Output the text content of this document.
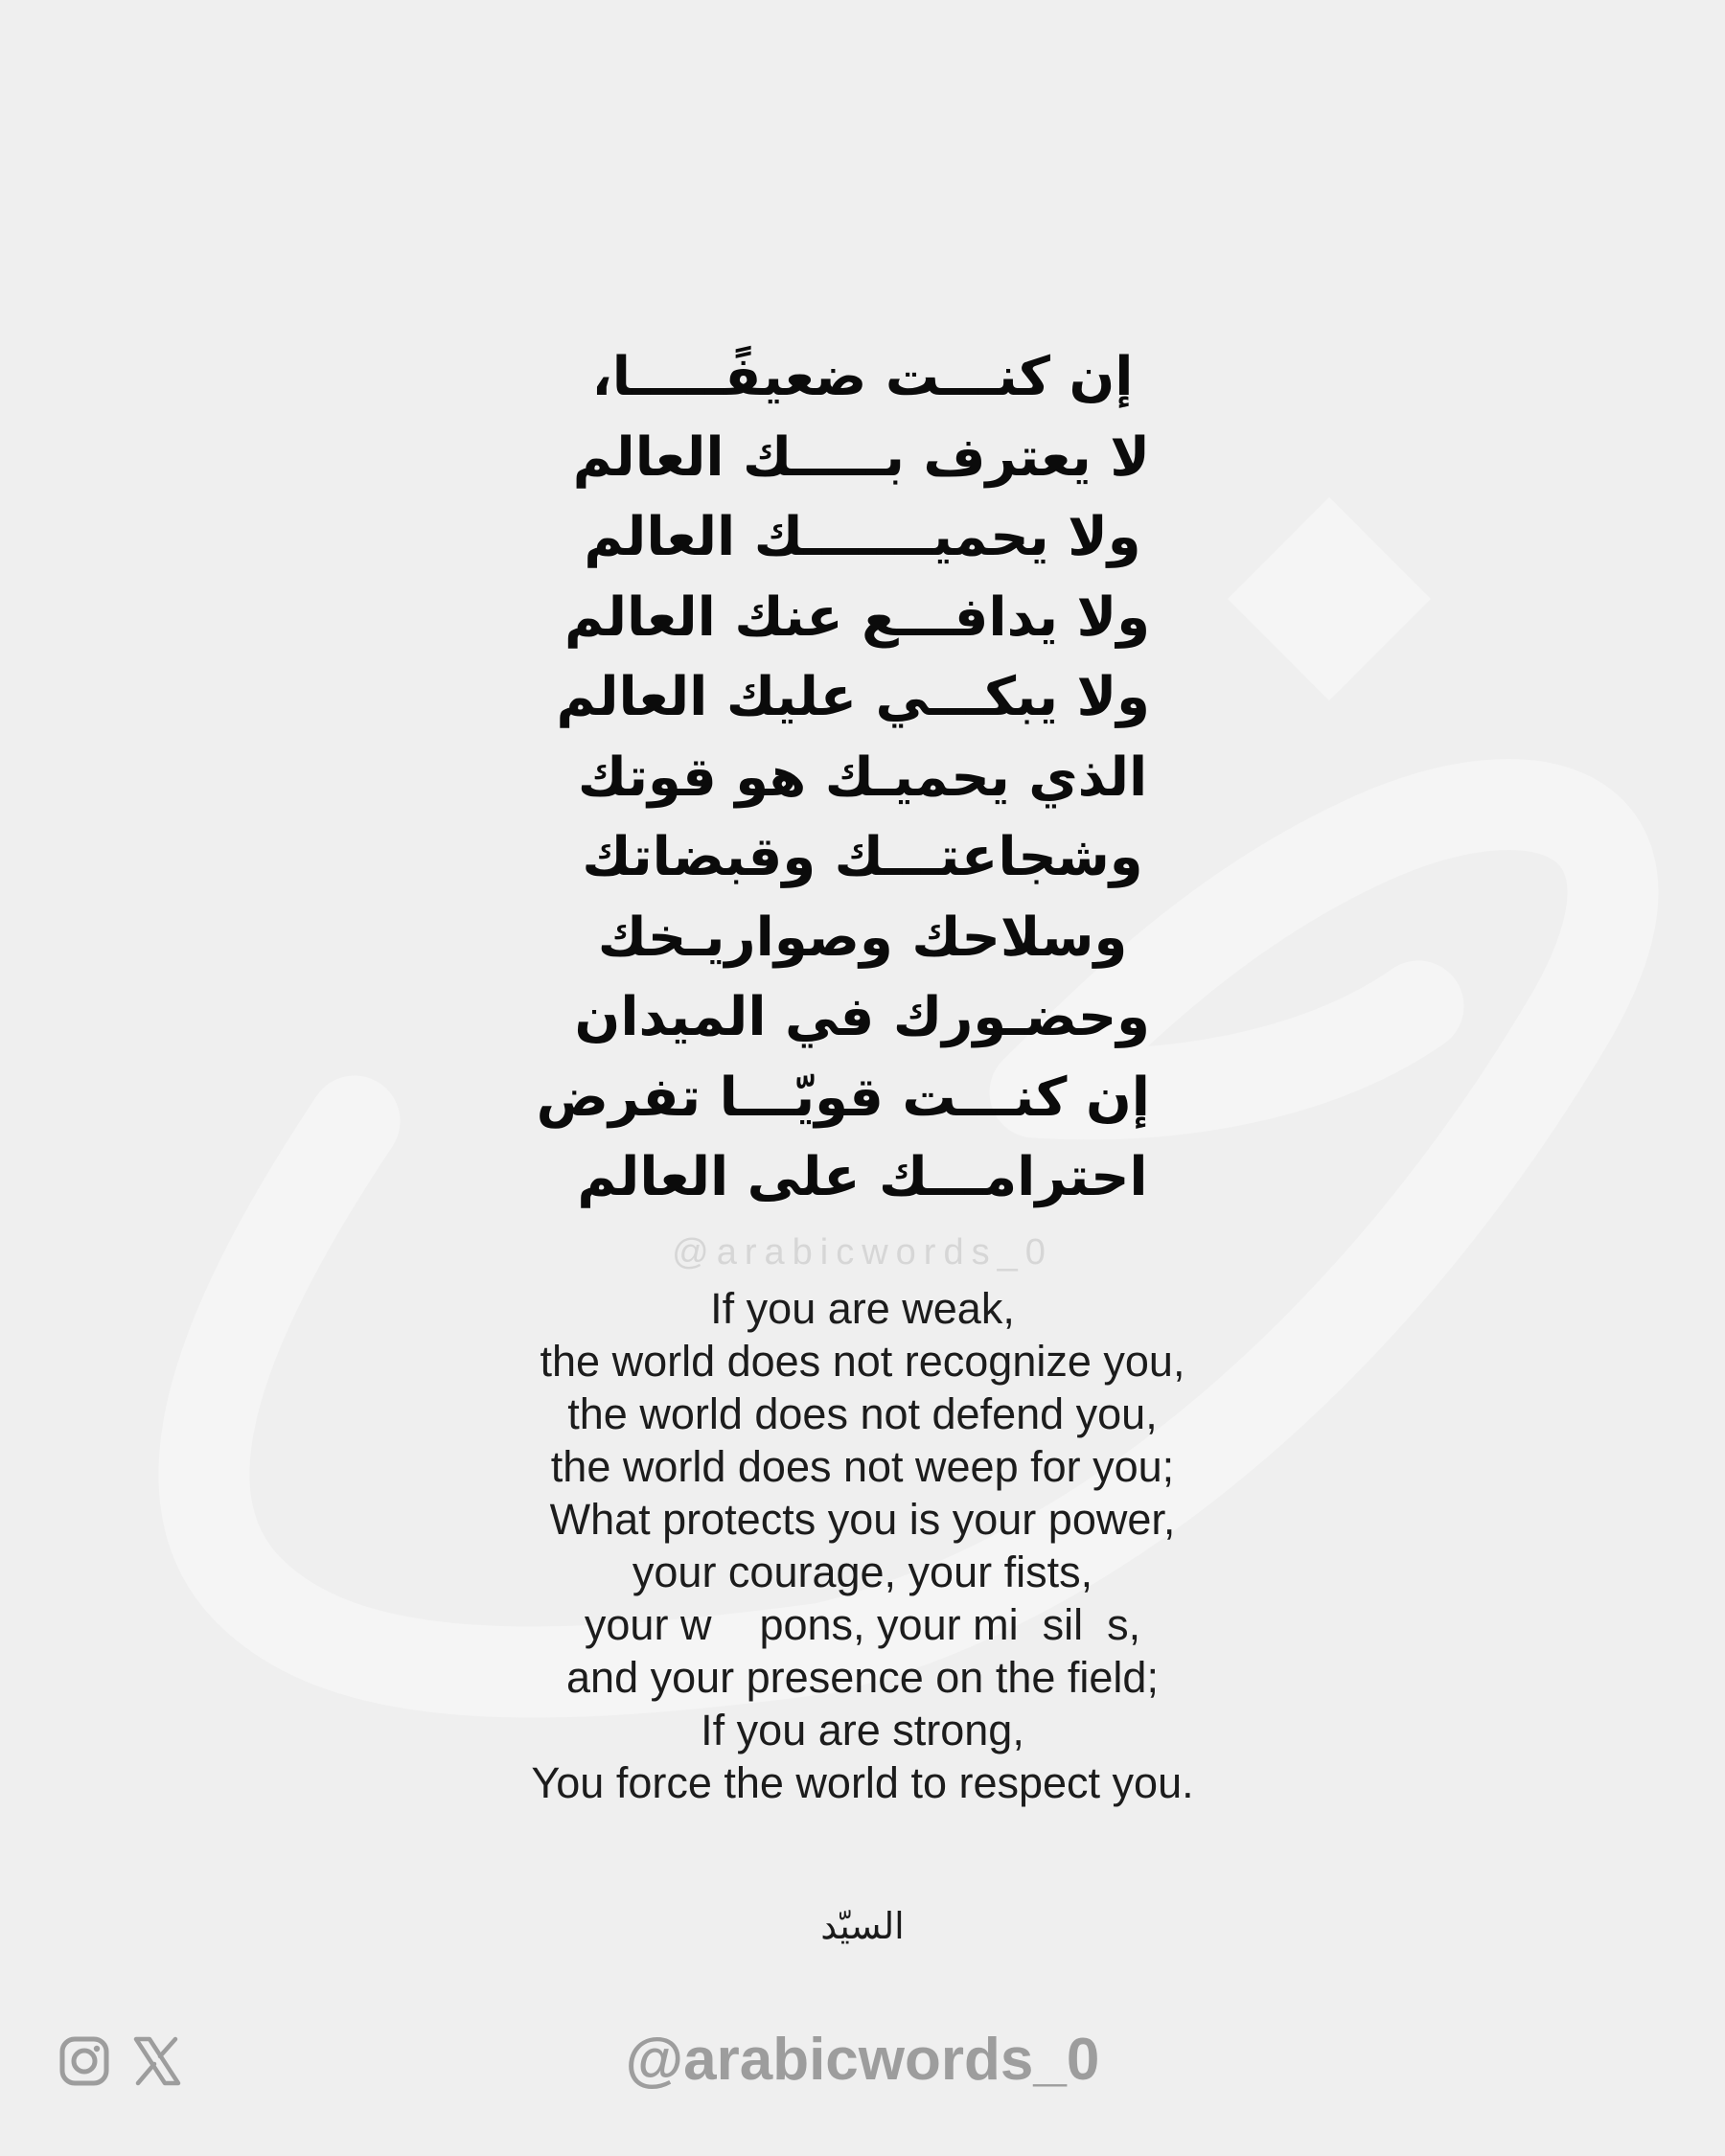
إن كنـــت ضعيفًـــــا،
لا يعترف بـــــك العالم
ولا يحميـــــــك العالم
ولا يدافـــع عنك العالم
ولا يبكـــي عليك العالم
الذي يحميـك هو قوتك
وشجاعتـــك وقبضاتك
وسلاحك وصواريـخك
وحضـورك في الميدان
إن كنـــت قويّـــا تفرض
احترامـــك على العالم
@arabicwords_0
If you are weak,
the world does not recognize you,
the world does not defend you,
the world does not weep for you;
What protects you is your power,
your courage, your fists,
your w    pons, your mi  sil  s,
and your presence on the field;
If you are strong,
You force the world to respect you.
السيّد
@arabicwords_0
